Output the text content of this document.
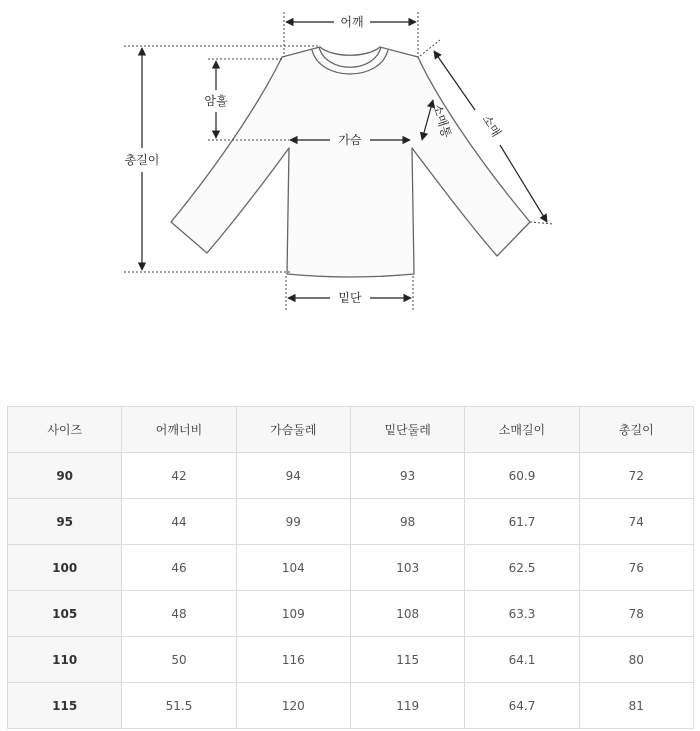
어깨
총길이
암홀
가슴
밑단
소매
소매통
사이즈	어깨너비	가슴둘레	밑단둘레	소매길이	총길이
90	42	94	93	60.9	72
95	44	99	98	61.7	74
100	46	104	103	62.5	76
105	48	109	108	63.3	78
110	50	116	115	64.1	80
115	51.5	120	119	64.7	81
